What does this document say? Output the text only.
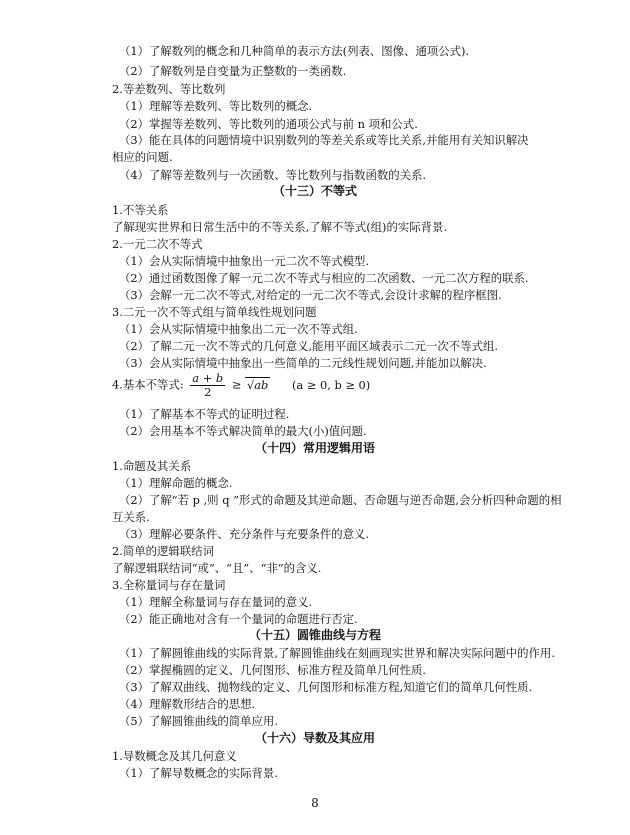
（1）了解数列的概念和几种简单的表示方法(列表、图像、通项公式).
（2）了解数列是自变量为正整数的一类函数.
2.等差数列、等比数列
（1）理解等差数列、等比数列的概念.
（2）掌握等差数列、等比数列的通项公式与前 n 项和公式.
（3）能在具体的问题情境中识别数列的等差关系或等比关系,并能用有关知识解决
相应的问题.
（4）了解等差数列与一次函数、等比数列与指数函数的关系.
（十三）不等式
1.不等关系
了解现实世界和日常生活中的不等关系,了解不等式(组)的实际背景.
2.一元二次不等式
（1）会从实际情境中抽象出一元二次不等式模型.
（2）通过函数图像了解一元二次不等式与相应的二次函数、一元二次方程的联系.
（3）会解一元二次不等式,对给定的一元二次不等式,会设计求解的程序框图.
3.二元一次不等式组与简单线性规划问题
（1）会从实际情境中抽象出二元一次不等式组.
（2）了解二元一次不等式的几何意义,能用平面区域表示二元一次不等式组.
（3）会从实际情境中抽象出一些简单的二元线性规划问题,并能加以解决.
4.基本不等式: $\frac{a + b}{2} \ge √ab$ (a ≥ 0, b ≥ 0)
（1）了解基本不等式的证明过程.
（2）会用基本不等式解决简单的最大(小)值问题.
（十四）常用逻辑用语
1.命题及其关系
（1）理解命题的概念.
（2）了解“若 p ,则 q ”形式的命题及其逆命题、否命题与逆否命题,会分析四种命题的相
互关系.
（3）理解必要条件、充分条件与充要条件的意义.
2.简单的逻辑联结词
了解逻辑联结词“或”、“且”、“非”的含义.
3.全称量词与存在量词
（1）理解全称量词与存在量词的意义.
（2）能正确地对含有一个量词的命题进行否定.
（十五）圆锥曲线与方程
（1）了解圆锥曲线的实际背景,了解圆锥曲线在刻画现实世界和解决实际问题中的作用.
（2）掌握椭圆的定义、几何图形、标准方程及简单几何性质.
（3）了解双曲线、抛物线的定义、几何图形和标准方程,知道它们的简单几何性质.
（4）理解数形结合的思想.
（5）了解圆锥曲线的简单应用.
（十六）导数及其应用
1.导数概念及其几何意义
（1）了解导数概念的实际背景.
8
